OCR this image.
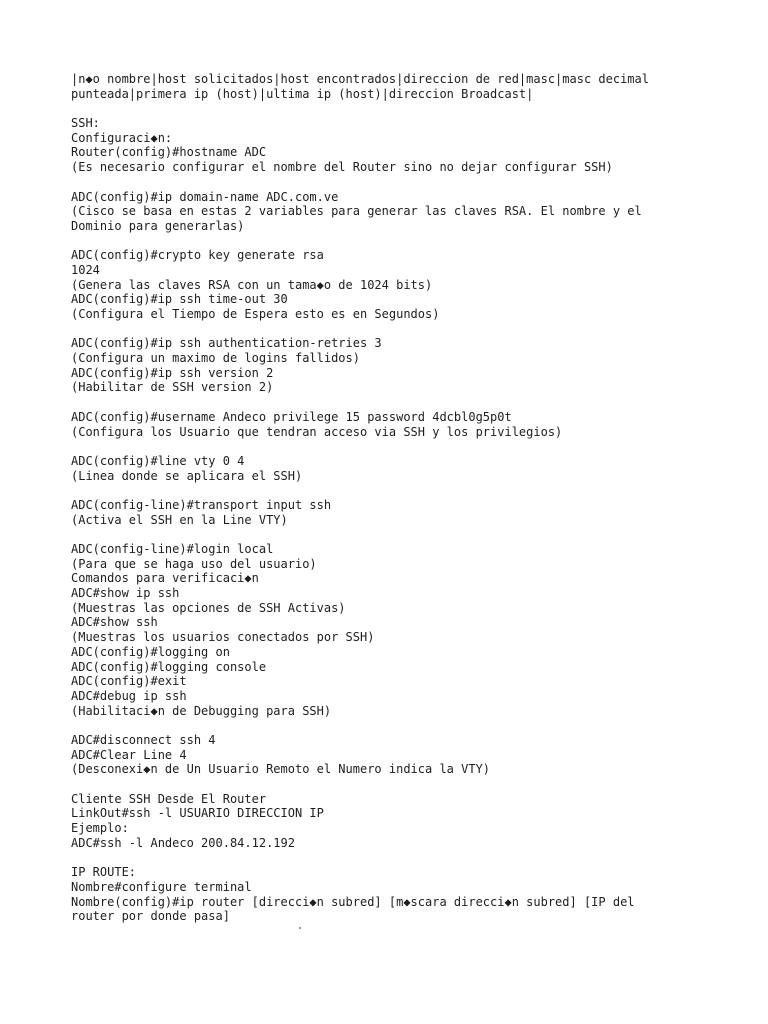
|n◆o nombre|host solicitados|host encontrados|direccion de red|masc|masc decimal
punteada|primera ip (host)|ultima ip (host)|direccion Broadcast|
SSH:
Configuraci◆n:
Router(config)#hostname ADC
(Es necesario configurar el nombre del Router sino no dejar configurar SSH)
ADC(config)#ip domain-name ADC.com.ve
(Cisco se basa en estas 2 variables para generar las claves RSA. El nombre y el
Dominio para generarlas)
ADC(config)#crypto key generate rsa
1024
(Genera las claves RSA con un tama◆o de 1024 bits)
ADC(config)#ip ssh time-out 30
(Configura el Tiempo de Espera esto es en Segundos)
ADC(config)#ip ssh authentication-retries 3
(Configura un maximo de logins fallidos)
ADC(config)#ip ssh version 2
(Habilitar de SSH version 2)
ADC(config)#username Andeco privilege 15 password 4dcbl0g5p0t
(Configura los Usuario que tendran acceso via SSH y los privilegios)
ADC(config)#line vty 0 4
(Linea donde se aplicara el SSH)
ADC(config-line)#transport input ssh
(Activa el SSH en la Line VTY)
ADC(config-line)#login local
(Para que se haga uso del usuario)
Comandos para verificaci◆n
ADC#show ip ssh
(Muestras las opciones de SSH Activas)
ADC#show ssh
(Muestras los usuarios conectados por SSH)
ADC(config)#logging on
ADC(config)#logging console
ADC(config)#exit
ADC#debug ip ssh
(Habilitaci◆n de Debugging para SSH)
ADC#disconnect ssh 4
ADC#Clear Line 4
(Desconexi◆n de Un Usuario Remoto el Numero indica la VTY)
Cliente SSH Desde El Router
LinkOut#ssh -l USUARIO DIRECCION IP
Ejemplo:
ADC#ssh -l Andeco 200.84.12.192
IP ROUTE:
Nombre#configure terminal
Nombre(config)#ip router [direcci◆n subred] [m◆scara direcci◆n subred] [IP del
router por donde pasa]
